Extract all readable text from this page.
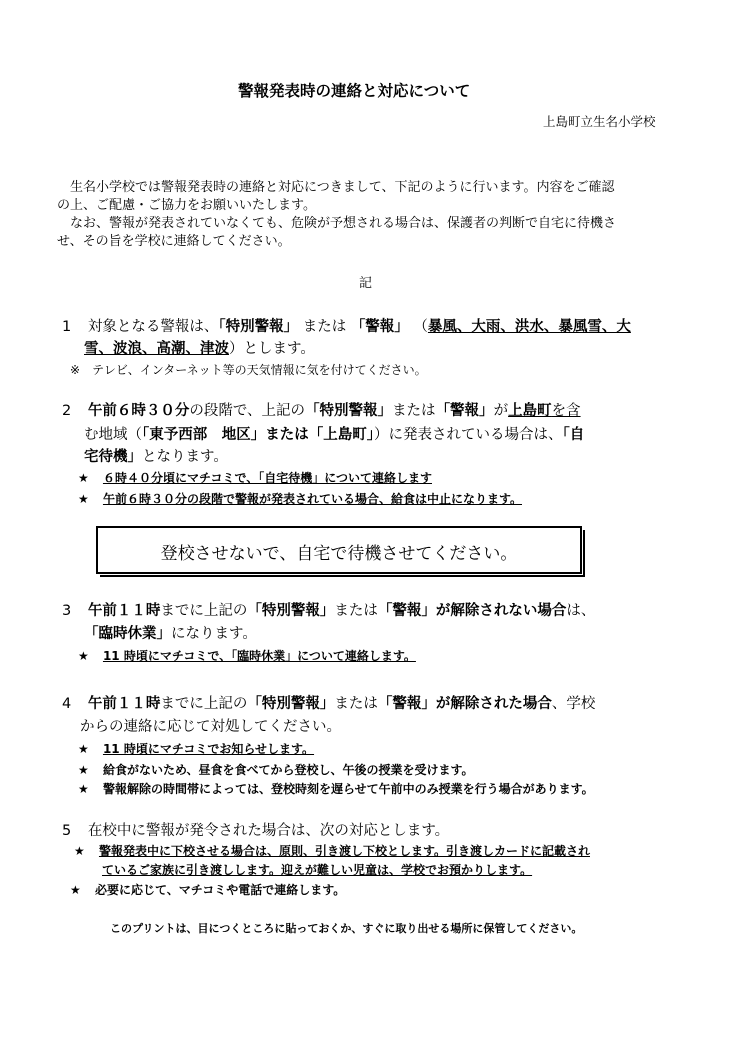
警報発表時の連絡と対応について
上島町立生名小学校
生名小学校では警報発表時の連絡と対応につきまして、下記のように行います。内容をご確認
の上、ご配慮・ご協力をお願いいたします。
なお、警報が発表されていなくても、危険が予想される場合は、保護者の判断で自宅に待機さ
せ、その旨を学校に連絡してください。
記
1 対象となる警報は、「特別警報」 または 「警報」 （暴風、大雨、洪水、暴風雪、大
雪、波浪、高潮、津波）とします。
※　テレビ、インターネット等の天気情報に気を付けてください。
2 午前６時３０分の段階で、上記の「特別警報」または「警報」が上島町を含
む地域（「東予西部　地区」または「上島町」）に発表されている場合は、「自
宅待機」となります。
★ ６時４０分頃にマチコミで、「自宅待機」について連絡します
★ 午前６時３０分の段階で警報が発表されている場合、給食は中止になります。
登校させないで、自宅で待機させてください。
3 午前１１時までに上記の「特別警報」または「警報」が解除されない場合は、
「臨時休業」になります。
★ 11 時頃にマチコミで、「臨時休業」について連絡します。
4 午前１１時までに上記の「特別警報」または「警報」が解除された場合、学校
からの連絡に応じて対処してください。
★ 11 時頃にマチコミでお知らせします。
★ 給食がないため、昼食を食べてから登校し、午後の授業を受けます。
★ 警報解除の時間帯によっては、登校時刻を遅らせて午前中のみ授業を行う場合があります。
5 在校中に警報が発令された場合は、次の対応とします。
★ 警報発表中に下校させる場合は、原則、引き渡し下校とします。引き渡しカードに記載され
ているご家族に引き渡しします。迎えが難しい児童は、学校でお預かりします。
★ 必要に応じて、マチコミや電話で連絡します。
このプリントは、目につくところに貼っておくか、すぐに取り出せる場所に保管してください。
